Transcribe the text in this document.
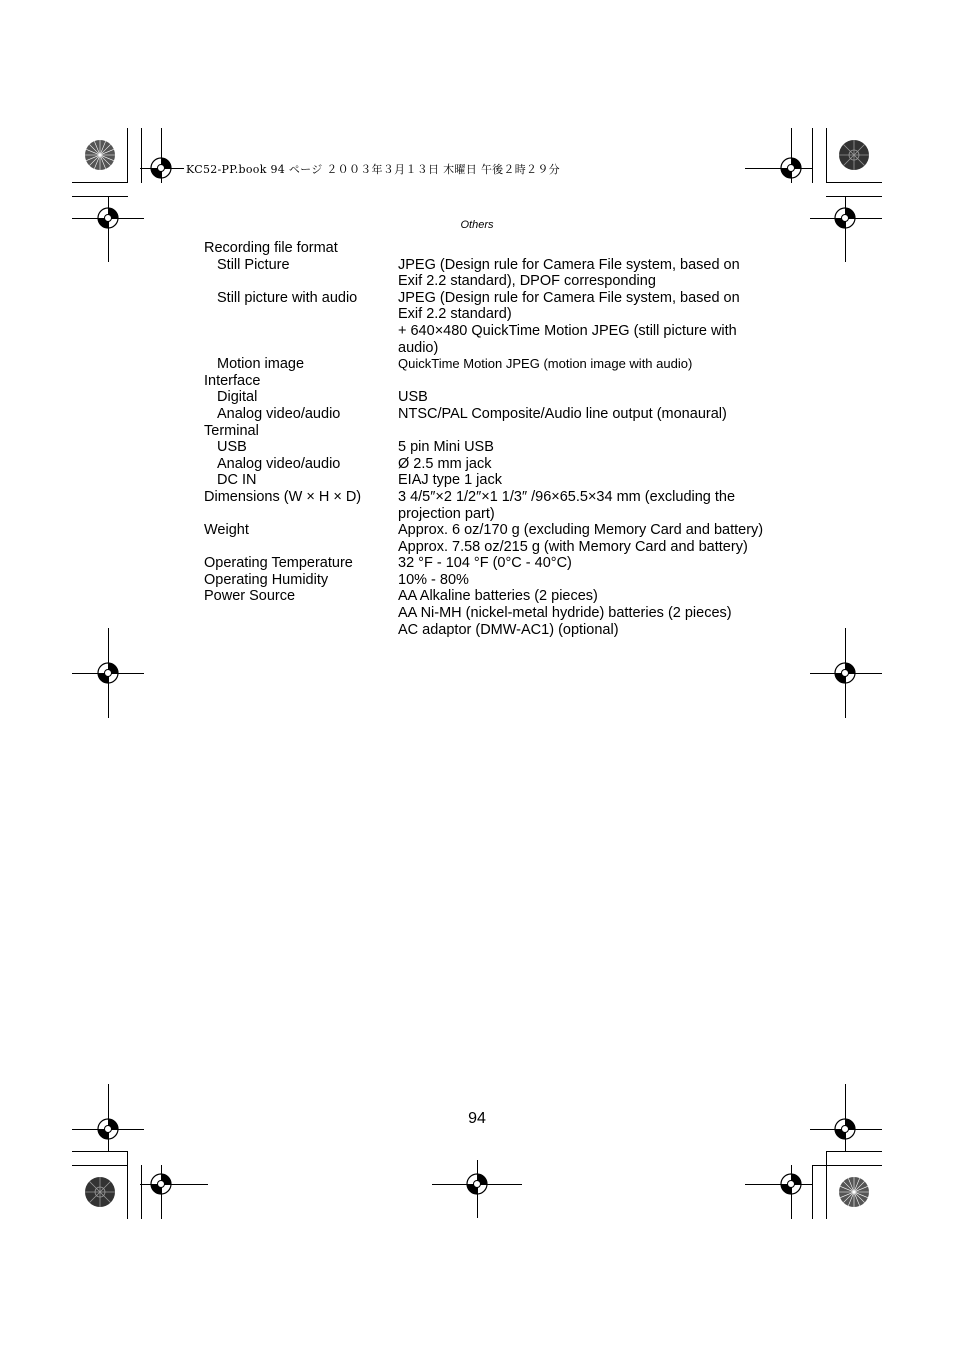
KC52-PP.book 94 ページ ２００３年３月１３日 木曜日 午後２時２９分
Others
Recording file format
Still Picture	JPEG (Design rule for Camera File system, based on Exif 2.2 standard), DPOF corresponding
Still picture with audio	JPEG (Design rule for Camera File system, based on Exif 2.2 standard)

+ 640×480 QuickTime Motion JPEG (still picture with audio)

Motion image	QuickTime Motion JPEG (motion image with audio)
Interface
Digital	USB
Analog video/audio	NTSC/PAL Composite/Audio line output (monaural)
Terminal
USB	5 pin Mini USB
Analog video/audio	Ø 2.5 mm jack
DC IN	EIAJ type 1 jack
Dimensions (W × H × D)	3 4/5″×2 1/2″×1 1/3″ /96×65.5×34 mm (excluding the projection part)
Weight	Approx. 6 oz/170 g (excluding Memory Card and battery)

Approx. 7.58 oz/215 g (with Memory Card and battery)

Operating Temperature	32 °F - 104 °F (0°C - 40°C)
Operating Humidity	10% - 80%
Power Source	AA Alkaline batteries (2 pieces)

AA Ni-MH (nickel-metal hydride) batteries (2 pieces)

AC adaptor (DMW-AC1) (optional)

94
